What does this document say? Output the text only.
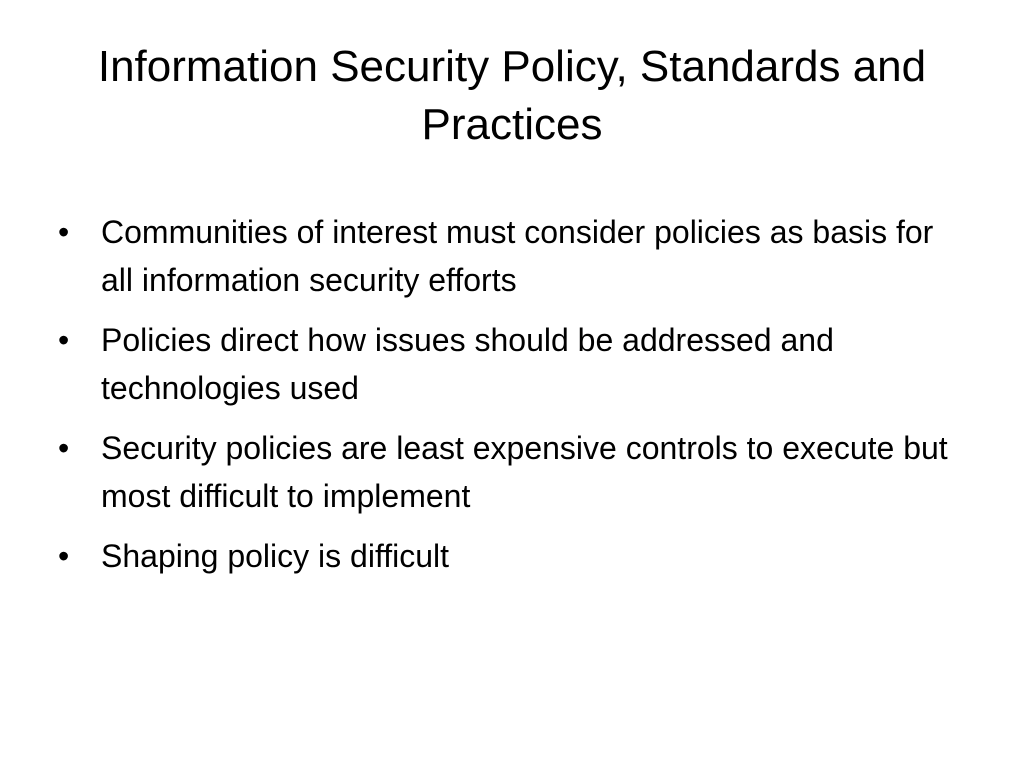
Information Security Policy, Standards and Practices
• Communities of interest must consider policies as basis for all information security efforts
• Policies direct how issues should be addressed and technologies used
• Security policies are least expensive controls to execute but most difficult to implement
• Shaping policy is difficult
